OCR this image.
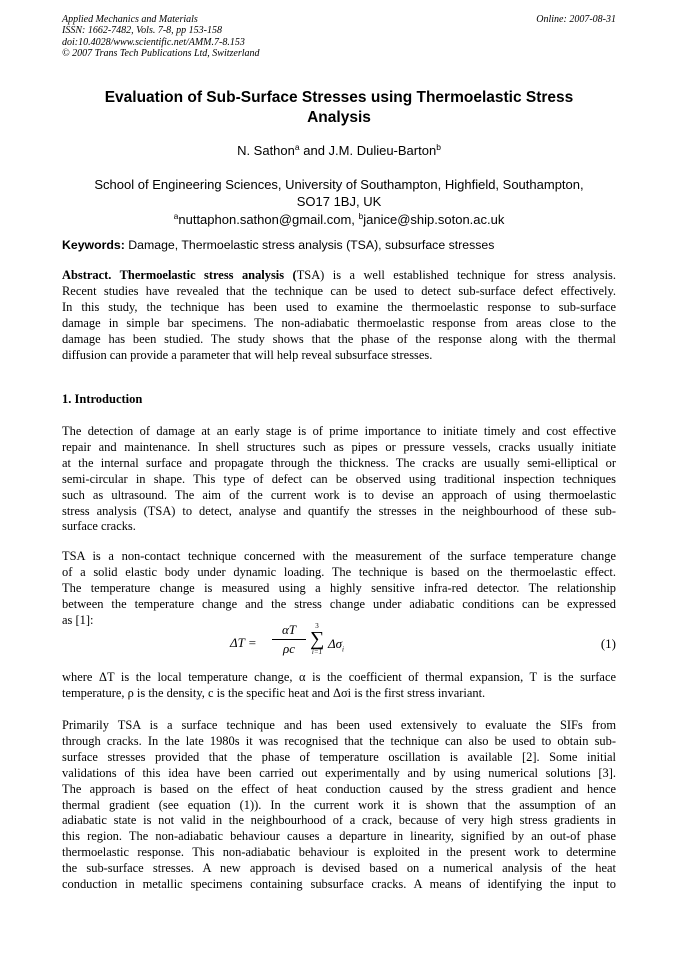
Applied Mechanics and Materials
ISSN: 1662-7482, Vols. 7-8, pp 153-158
doi:10.4028/www.scientific.net/AMM.7-8.153
© 2007 Trans Tech Publications Ltd, Switzerland
Online: 2007-08-31
Evaluation of Sub-Surface Stresses using Thermoelastic Stress
Analysis
N. Sathon$^a$ and J.M. Dulieu-Barton$^b$
School of Engineering Sciences, University of Southampton, Highfield, Southampton,
SO17 1BJ, UK
$^a$nuttaphon.sathon@gmail.com, $^b$janice@ship.soton.ac.uk
Keywords: Damage, Thermoelastic stress analysis (TSA), subsurface stresses
Abstract. Thermoelastic stress analysis (TSA) is a well established technique for stress analysis.
Recent studies have revealed that the technique can be used to detect sub-surface defect effectively.
In this study, the technique has been used to examine the thermoelastic response to sub-surface
damage in simple bar specimens. The non-adiabatic thermoelastic response from areas close to the
damage has been studied. The study shows that the phase of the response along with the thermal
diffusion can provide a parameter that will help reveal subsurface stresses.
1. Introduction
The detection of damage at an early stage is of prime importance to initiate timely and cost effective
repair and maintenance. In shell structures such as pipes or pressure vessels, cracks usually initiate
at the internal surface and propagate through the thickness. The cracks are usually semi-elliptical or
semi-circular in shape. This type of defect can be observed using traditional inspection techniques
such as ultrasound. The aim of the current work is to devise an approach of using thermoelastic
stress analysis (TSA) to detect, analyse and quantify the stresses in the neighbourhood of these sub-
surface cracks.
TSA is a non-contact technique concerned with the measurement of the surface temperature change
of a solid elastic body under dynamic loading. The technique is based on the thermoelastic effect.
The temperature change is measured using a highly sensitive infra-red detector. The relationship
between the temperature change and the stress change under adiabatic conditions can be expressed
as [1]:
ΔT =
αT
ρc
3
∑
i=1
$\Delta\sigma_i$	(1)
where ΔT is the local temperature change, α is the coefficient of thermal expansion, T is the surface
temperature, ρ is the density, c is the specific heat and Δσi is the first stress invariant.
Primarily TSA is a surface technique and has been used extensively to evaluate the SIFs from
through cracks. In the late 1980s it was recognised that the technique can also be used to obtain sub-
surface stresses provided that the phase of temperature oscillation is available [2]. Some initial
validations of this idea have been carried out experimentally and by using numerical solutions [3].
The approach is based on the effect of heat conduction caused by the stress gradient and hence
thermal gradient (see equation (1)). In the current work it is shown that the assumption of an
adiabatic state is not valid in the neighbourhood of a crack, because of very high stress gradients in
this region. The non-adiabatic behaviour causes a departure in linearity, signified by an out-of phase
thermoelastic response. This non-adiabatic behaviour is exploited in the present work to determine
the sub-surface stresses. A new approach is devised based on a numerical analysis of the heat
conduction in metallic specimens containing subsurface cracks. A means of identifying the input to
